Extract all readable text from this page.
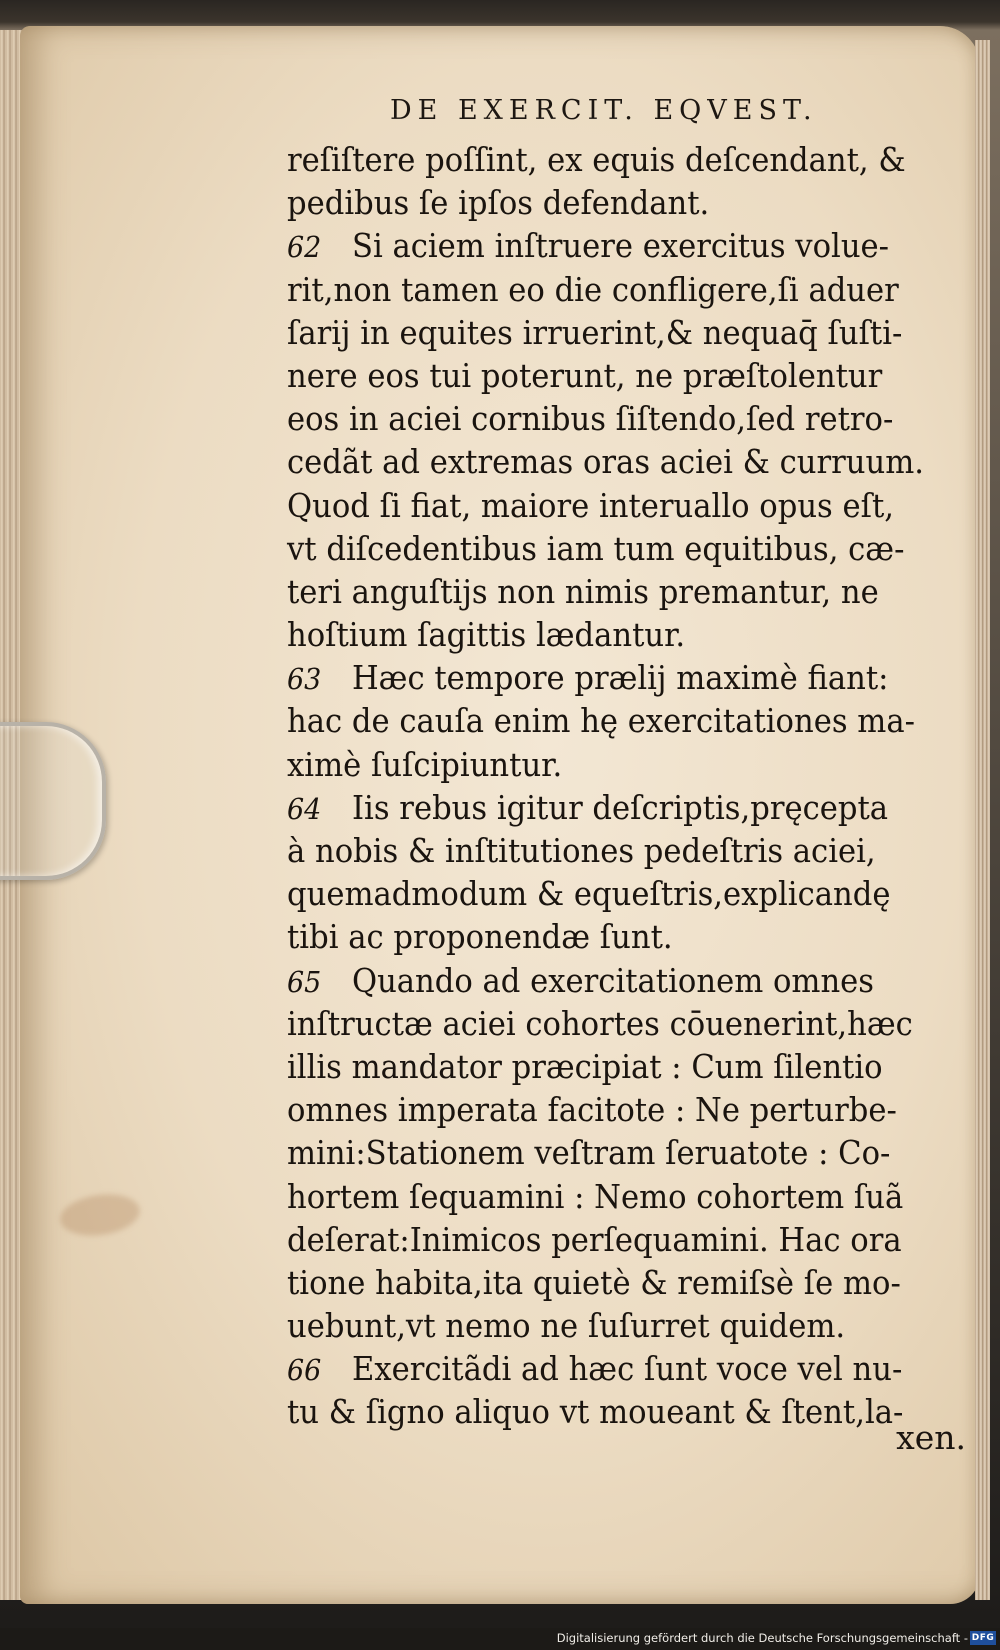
DE EXERCIT. EQVEST.
reſiſtere poſſint, ex equis deſcendant, &
pedibus ſe ipſos defendant.
62 Si aciem inſtruere exercitus volue-
rit,non tamen eo die confligere,ſi aduer
ſarij in equites irruerint,& nequaq̄ ſuſti-
nere eos tui poterunt, ne præſtolentur
eos in aciei cornibus ſiſtendo,ſed retro-
cedãt ad extremas oras aciei & curruum.
Quod ſi fiat, maiore interuallo opus eſt,
vt diſcedentibus iam tum equitibus, cæ-
teri anguſtijs non nimis premantur, ne
hoſtium ſagittis lædantur.
63 Hæc tempore prælij maximè fiant:
hac de cauſa enim hę exercitationes ma-
ximè ſuſcipiuntur.
64 Iis rebus igitur deſcriptis,pręcepta
à nobis & inſtitutiones pedeſtris aciei,
quemadmodum & equeſtris,explicandę
tibi ac proponendæ ſunt.
65 Quando ad exercitationem omnes
inſtructæ aciei cohortes cōuenerint,hæc
illis mandator præcipiat : Cum ſilentio
omnes imperata facitote : Ne perturbe-
mini:Stationem veſtram ſeruatote : Co-
hortem ſequamini : Nemo cohortem ſuã
deſerat:Inimicos perſequamini. Hac ora
tione habita,ita quietè & remiſsè ſe mo-
uebunt,vt nemo ne ſuſurret quidem.
66 Exercitãdi ad hæc ſunt voce vel nu-
tu & ſigno aliquo vt moueant & ſtent,la-
xen.
Digitalisierung gefördert durch die Deutsche Forschungsgemeinschaft - DFG
